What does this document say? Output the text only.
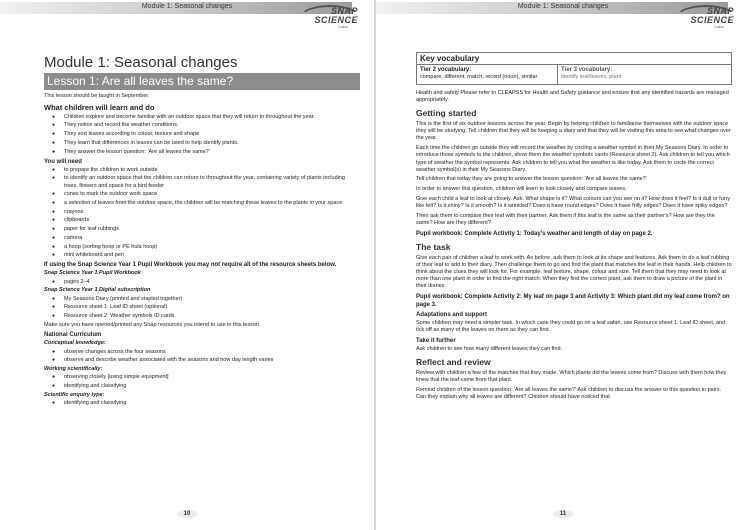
Module 1: Seasonal changes	SNAP
SCIENCE
Collins
Module 1: Seasonal changes
Lesson 1: Are all leaves the same?

This lesson should be taught in September.

What children will learn and do
● Children explore and become familiar with an outdoor space that they will return to throughout the year.
● They notice and record the weather conditions.
● They sort leaves according to colour, texture and shape.
● They learn that differences in leaves can be used to help identify plants.
● They answer the lesson question: 'Are all leaves the same?'
You will need
● to prepare the children to work outside
● to identify an outdoor space that the children can return to throughout the year, containing variety of plants including trees, flowers and space for a bird feeder
● cones to mark the outdoor work space
● a selection of leaves from the outdoor space, the children will be matching these leaves to the plants in your space
● crayons
● clipboards
● paper for leaf rubbings
● camera
● a hoop (sorting hoop or PE hula hoop)
● mini whiteboard and pen
If using the Snap Science Year 1 Pupil Workbook you may not require all of the resource sheets below.
Snap Science Year 1 Pupil Workbook
● pages 2–4
Snap Science Year 1 Digital subscription
● My Seasons Diary (printed and stapled together)
● Resource sheet 1: Leaf ID sheet (optional)
● Resource sheet 2: Weather symbols ID cards

Make sure you have opened/printed any Snap resources you intend to use in this lesson.

National Curriculum
Conceptual knowledge:
● observe changes across the four seasons
● observe and describe weather associated with the seasons and how day length varies
Working scientifically:
● observing closely [using simple equipment]
● identifying and classifying
Scientific enquiry type:
● identifying and classifying
10
Module 1: Seasonal changes	SNAP
SCIENCE
Collins
Key vocabulary
Tier 2 vocabulary:
compare, different, match, record (noun), similar
Tier 3 vocabulary:
identify leaf/leaves, plant

Health and safety Please refer to CLEAPSS for Health and Safety guidance and ensure that any identified hazards are managed appropriately.

Getting started

This is the first of six outdoor lessons across the year. Begin by helping children to familiarise themselves with the outdoor space they will be studying. Tell children that they will be keeping a diary and that they will be visiting this area to see what changes over the year.

Each time the children go outside they will record the weather by circling a weather symbol in their My Seasons Diary. In order to introduce those symbols to the children, show them the weather symbols cards (Resource sheet 2). Ask children to tell you which type of weather the symbol represents. Ask children to tell you what the weather is like today. Ask them to circle the correct weather symbol(s) in their My Seasons Diary.

Tell children that today they are going to answer the lesson question: 'Are all leaves the same?'

In order to answer this question, children will learn to look closely and compare leaves.

Give each child a leaf to look at closely. Ask: What shape is it? What colours can you see on it? How does it feel? Is it dull or furry like felt? Is it shiny? Is it smooth? Is it wrinkled? Does it have round edges? Does it have frilly edges? Does it have spiky edges?

Then ask them to compare their leaf with their partner. Ask them if this leaf is the same as their partner's? How are they the same? How are they different?

Pupil workbook: Complete Activity 1: Today's weather and length of day on page 2.
The task

Give each pair of children a leaf to work with. As before, ask them to look at its shape and features. Ask them to do a leaf rubbing of their leaf to add to their diary. Then challenge them to go and find the plant that matches the leaf in their hands. Help children to think about the clues they will look for. For example, leaf texture, shape, colour and size. Tell them that they may need to look at more than one plant in order to find the right match. When they find the correct plant, ask them to draw a picture of the plant in their diaries.

Pupil workbook: Complete Activity 2: My leaf on page 3 and Activity 3: Which plant did my leaf come from? on page 3.
Adaptations and support

Some children may need a simpler task. In which case they could go on a leaf safari, use Resource sheet 1: Leaf ID sheet, and tick off as many of the leaves on there as they can find.

Take it further

Ask children to see how many different leaves they can find.

Reflect and review

Review with children a few of the matches that they made. Which plants did the leaves come from? Discuss with them how they knew that the leaf came from that plant.

Remind children of the lesson question: 'Are all leaves the same?' Ask children to discuss the answer to this question in pairs. Can they explain why all leaves are different? Children should have noticed that

11
